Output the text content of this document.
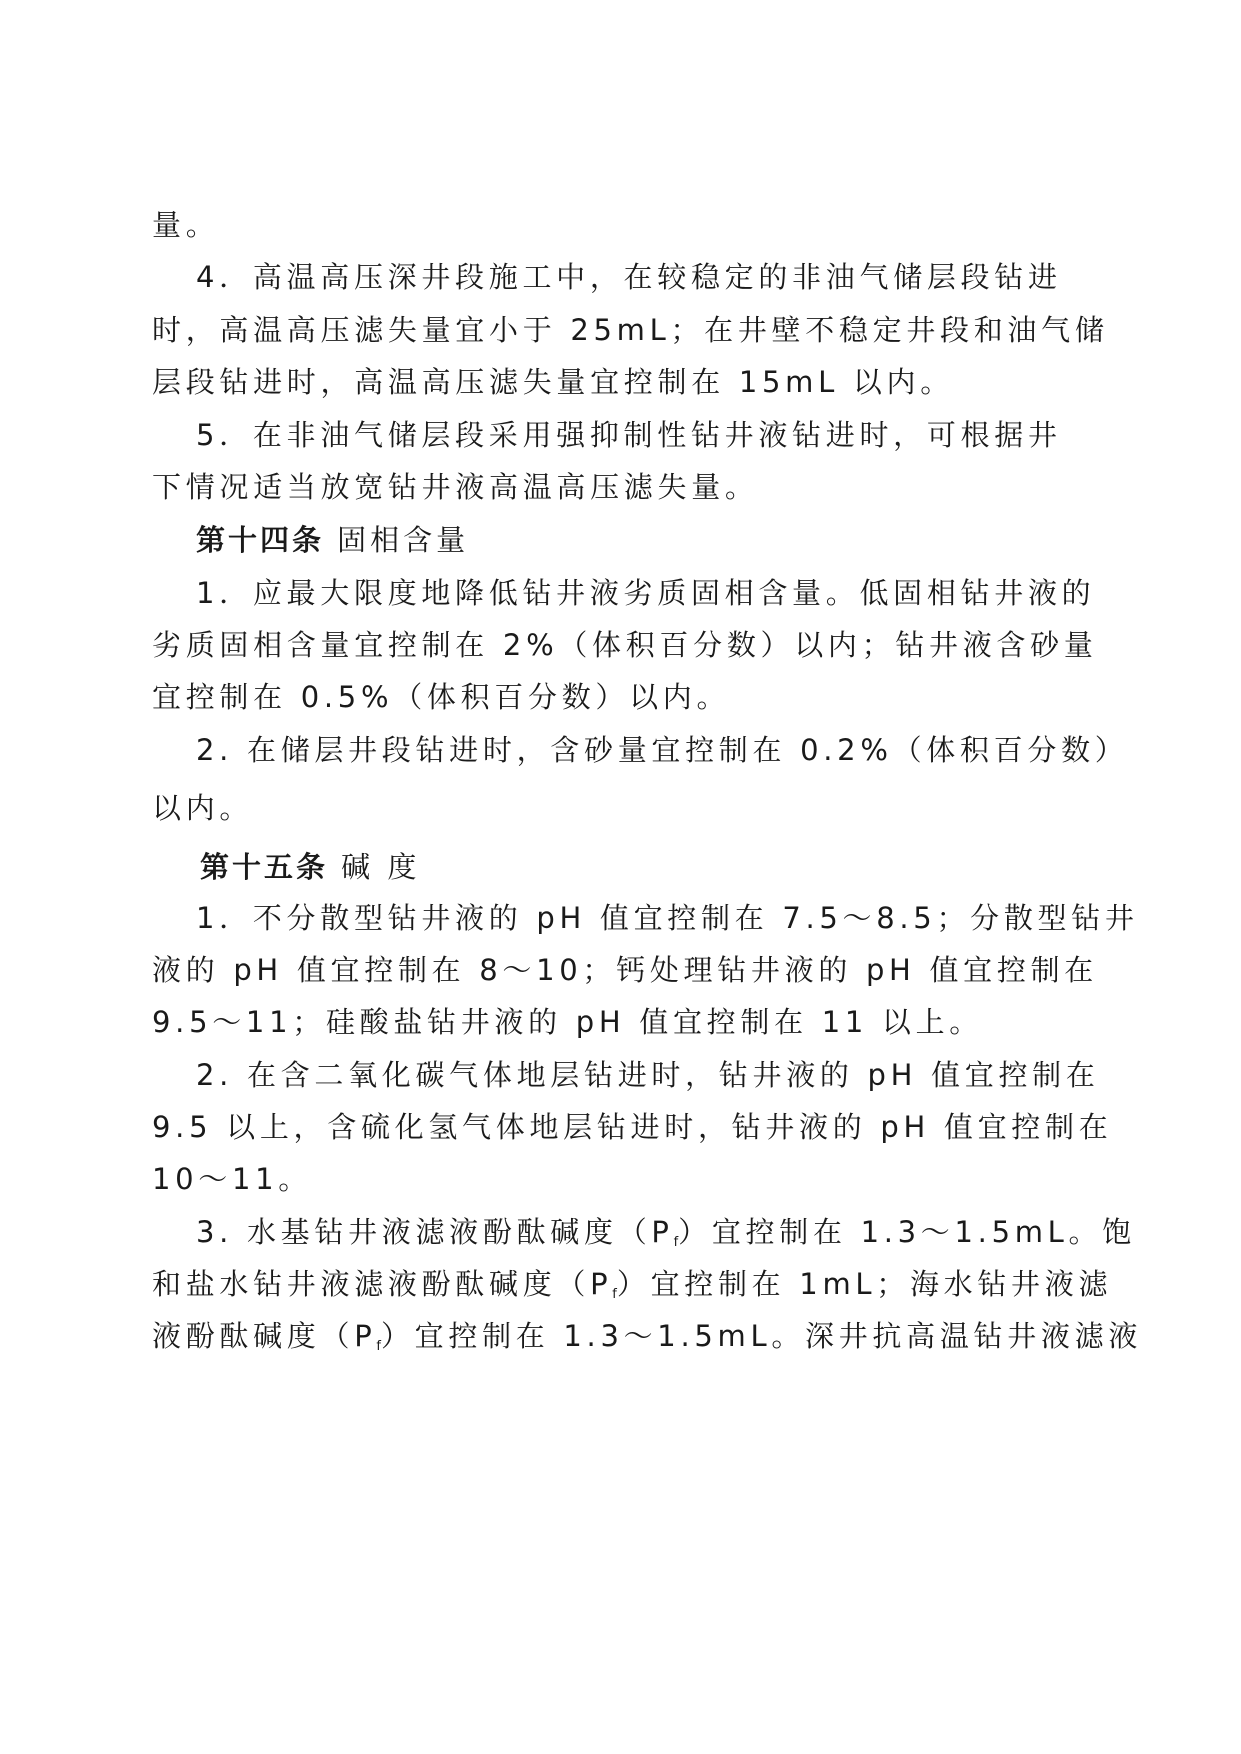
量。
4．高温高压深井段施工中，在较稳定的非油气储层段钻进
时，高温高压滤失量宜小于 25mL；在井壁不稳定井段和油气储
层段钻进时，高温高压滤失量宜控制在 15mL 以内。
5．在非油气储层段采用强抑制性钻井液钻进时，可根据井
下情况适当放宽钻井液高温高压滤失量。
第十四条 固相含量
1．应最大限度地降低钻井液劣质固相含量。低固相钻井液的
劣质固相含量宜控制在 2%（体积百分数）以内；钻井液含砂量
宜控制在 0.5%（体积百分数）以内。
2. 在储层井段钻进时，含砂量宜控制在 0.2%（体积百分数）
以内。
第十五条 碱 度
1．不分散型钻井液的 pH 值宜控制在 7.5～8.5；分散型钻井
液的 pH 值宜控制在 8～10；钙处理钻井液的 pH 值宜控制在
9.5～11；硅酸盐钻井液的 pH 值宜控制在 11 以上。
2. 在含二氧化碳气体地层钻进时，钻井液的 pH 值宜控制在
9.5 以上，含硫化氢气体地层钻进时，钻井液的 pH 值宜控制在
10～11。
3. 水基钻井液滤液酚酞碱度$(P_f)$宜控制在 1.3～1.5mL。饱
和盐水钻井液滤液酚酞碱度$(P_f)$宜控制在 1mL；海水钻井液滤
液酚酞碱度$(P_f)$宜控制在 1.3～1.5mL。深井抗高温钻井液滤液
